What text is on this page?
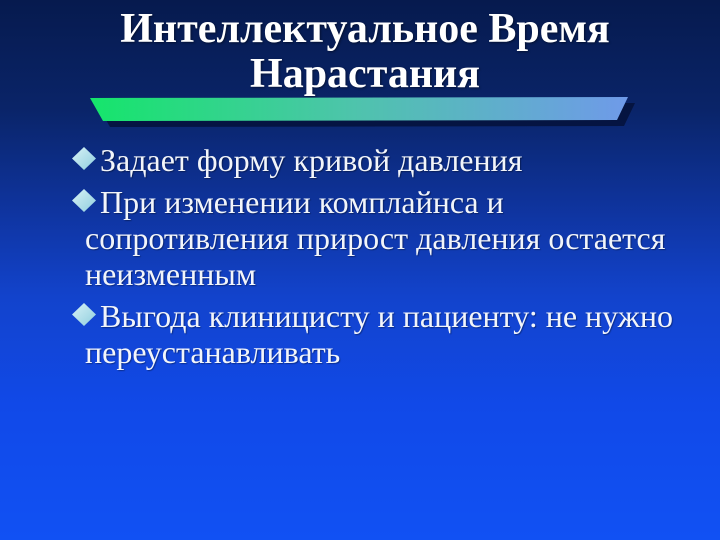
Интеллектуальное Время
Нарастания
Задает форму кривой давления
При изменении комплайнса и
сопротивления прирост давления остается
неизменным
Выгода клиницисту и пациенту: не нужно
переустанавливать
